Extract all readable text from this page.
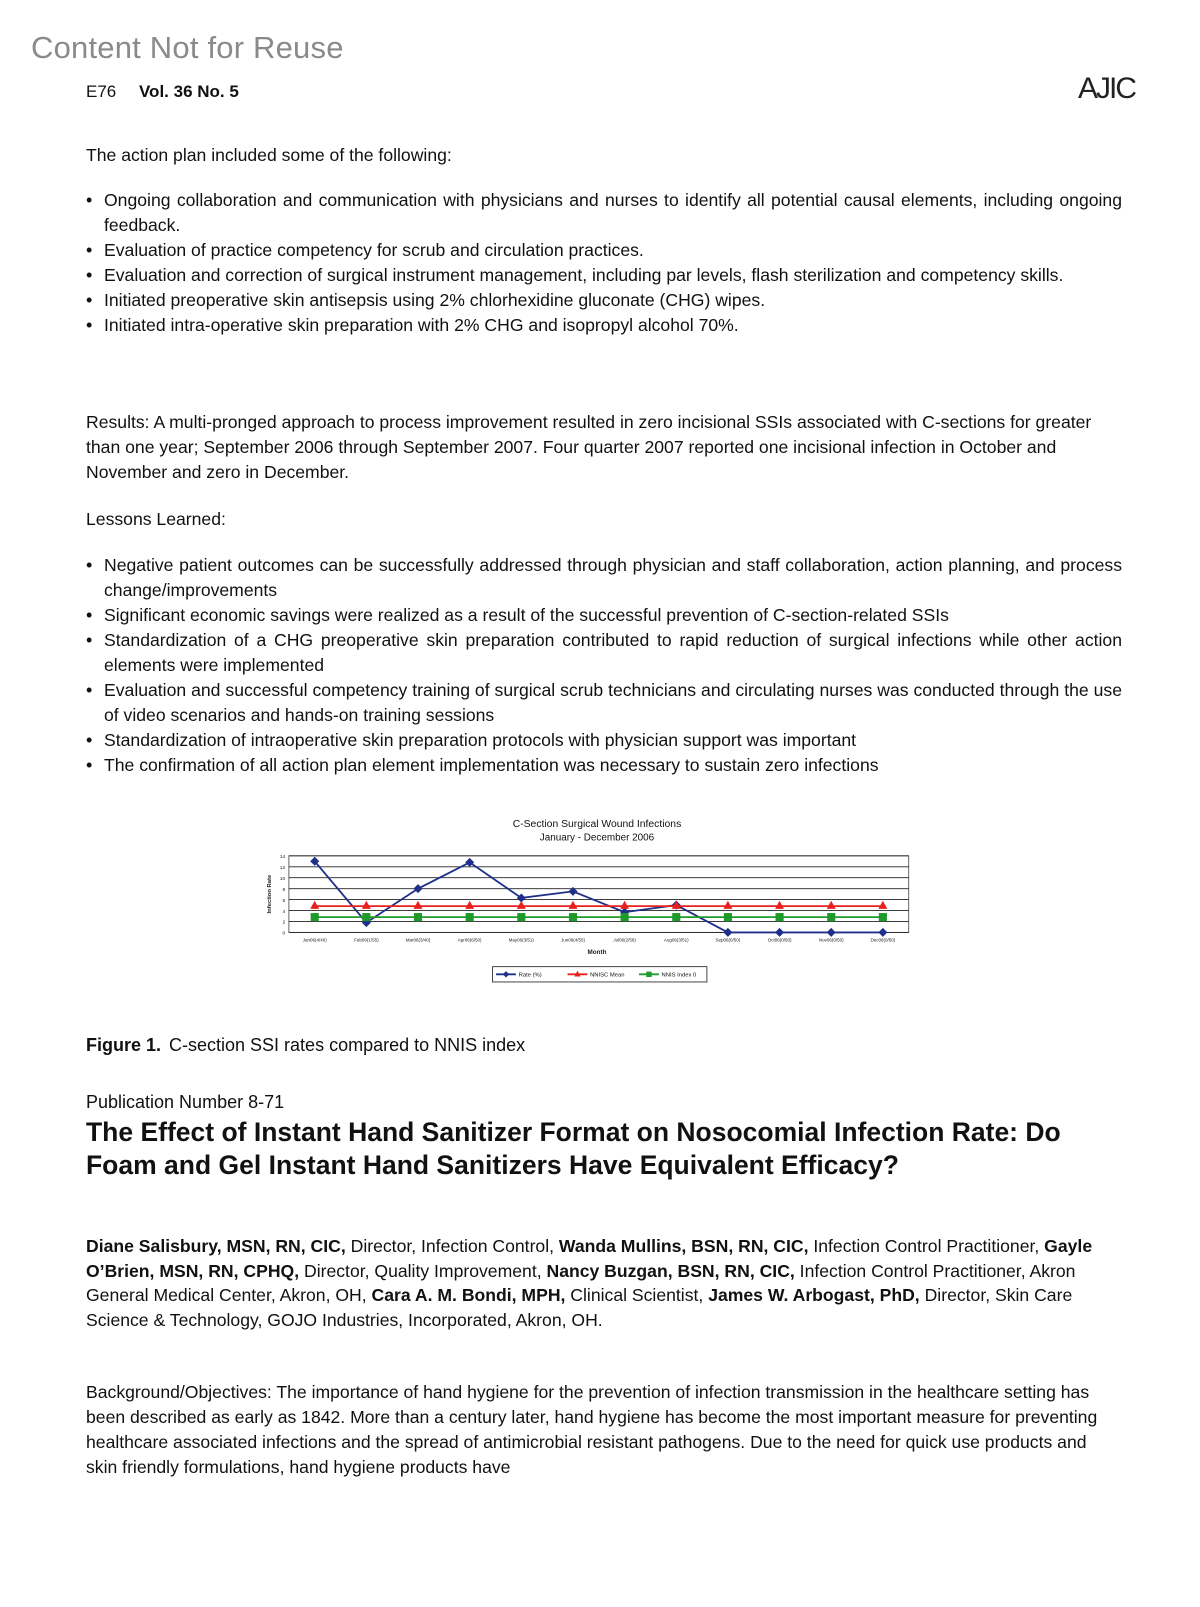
Content Not for Reuse
E76 Vol. 36 No. 5	AJIC

The action plan included some of the following:

• Ongoing collaboration and communication with physicians and nurses to identify all potential causal elements, including ongoing feedback.
• Evaluation of practice competency for scrub and circulation practices.
• Evaluation and correction of surgical instrument management, including par levels, flash sterilization and competency skills.
• Initiated preoperative skin antisepsis using 2% chlorhexidine gluconate (CHG) wipes.
• Initiated intra-operative skin preparation with 2% CHG and isopropyl alcohol 70%.

Results: A multi-pronged approach to process improvement resulted in zero incisional SSIs associated with C-sections for greater than one year; September 2006 through September 2007. Four quarter 2007 reported one incisional infection in October and November and zero in December.

Lessons Learned:

• Negative patient outcomes can be successfully addressed through physician and staff collaboration, action planning, and process change/improvements
• Significant economic savings were realized as a result of the successful prevention of C-section-related SSIs
• Standardization of a CHG preoperative skin preparation contributed to rapid reduction of surgical infections while other action elements were implemented
• Evaluation and successful competency training of surgical scrub technicians and circulating nurses was conducted through the use of video scenarios and hands-on training sessions
• Standardization of intraoperative skin preparation protocols with physician support was important
• The confirmation of all action plan element implementation was necessary to sustain zero infections
0
2
4
6
8
10
12
14
Jan06(4/40)	Feb06(1/55)	Mar06(3/40)	Apr06(6/50)	May06(3/51)	Jun06(4/55)	Jul06(2/58)	Aug06(3/51)	Sep06(0/50)	Oct06(0/50)	Nov06(0/50)	Dec06(0/50)
Month
Infection Rate
Rate (%)	NNISC Mean	NNIS Index 0
C-Section Surgical Wound Infections
January - December 2006
Figure 1. C-section SSI rates compared to NNIS index
Publication Number 8-71
The Effect of Instant Hand Sanitizer Format on Nosocomial Infection Rate: Do Foam and Gel Instant Hand Sanitizers Have Equivalent Efficacy?

Diane Salisbury, MSN, RN, CIC, Director, Infection Control, Wanda Mullins, BSN, RN, CIC, Infection Control Practitioner, Gayle O’Brien, MSN, RN, CPHQ, Director, Quality Improvement, Nancy Buzgan, BSN, RN, CIC, Infection Control Practitioner, Akron General Medical Center, Akron, OH, Cara A. M. Bondi, MPH, Clinical Scientist, James W. Arbogast, PhD, Director, Skin Care Science & Technology, GOJO Industries, Incorporated, Akron, OH.

Background/Objectives: The importance of hand hygiene for the prevention of infection transmission in the healthcare setting has been described as early as 1842. More than a century later, hand hygiene has become the most important measure for preventing healthcare associated infections and the spread of antimicrobial resistant pathogens. Due to the need for quick use products and skin friendly formulations, hand hygiene products have
